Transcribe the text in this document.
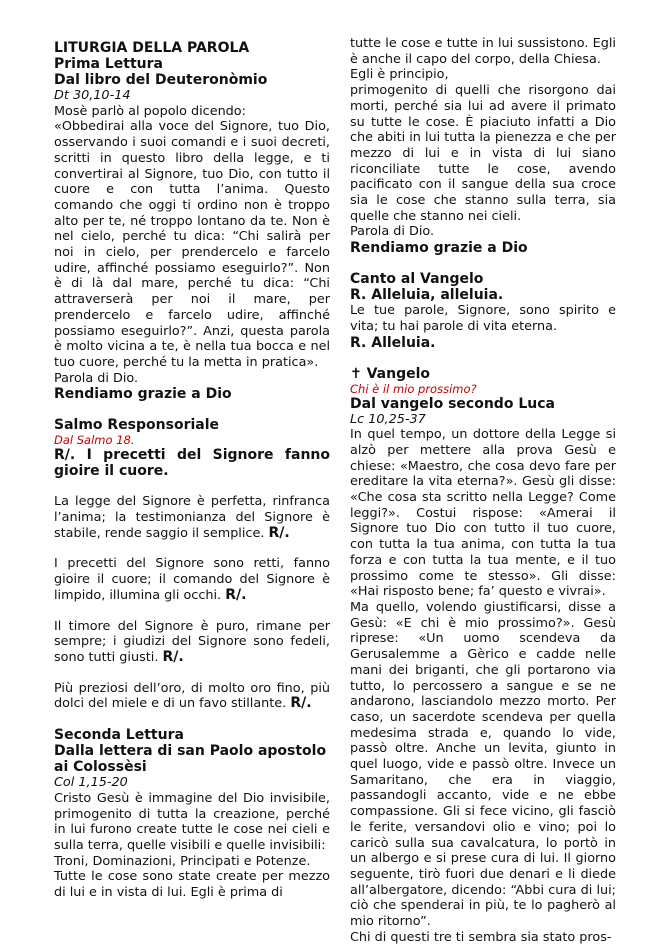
LITURGIA DELLA PAROLA

Prima Lettura

Dal libro del Deuteronòmio

Dt 30,10-14

Mosè parlò al popolo dicendo:

«Obbedirai alla voce del Signore, tuo Dio, osservando i suoi comandi e i suoi decreti, scritti in questo libro della legge, e ti convertirai al Signore, tuo Dio, con tutto il cuore e con tutta l’anima. Questo comando che oggi ti ordino non è troppo alto per te, né troppo lontano da te. Non è nel cielo, perché tu dica: “Chi salirà per noi in cielo, per prendercelo e farcelo udire, affinché possiamo eseguirlo?”. Non è di là dal mare, perché tu dica: “Chi attraverserà per noi il mare, per prendercelo e farcelo udire, affinché possiamo eseguirlo?”. Anzi, questa parola è molto vicina a te, è nella tua bocca e nel tuo cuore, perché tu la metta in pratica».

Parola di Dio.

Rendiamo grazie a Dio

Salmo Responsoriale

Dal Salmo 18.

R/. I precetti del Signore fanno gioire il cuore.

La legge del Signore è perfetta, rinfranca l’anima; la testimonianza del Signore è stabile, rende saggio il semplice. R/.

I precetti del Signore sono retti, fanno gioire il cuore; il comando del Signore è limpido, illumina gli occhi. R/.

Il timore del Signore è puro, rimane per sempre; i giudizi del Signore sono fedeli, sono tutti giusti. R/.

Più preziosi dell’oro, di molto oro fino, più dolci del miele e di un favo stillante. R/.

Seconda Lettura

Dalla lettera di san Paolo apostolo ai Colossèsi

Col 1,15-20

Cristo Gesù è immagine del Dio invisibile, primogenito di tutta la creazione, perché in lui furono create tutte le cose nei cieli e sulla terra, quelle visibili e quelle invisibili:

Troni, Dominazioni, Principati e Potenze.

Tutte le cose sono state create per mezzo di lui e in vista di lui. Egli è prima di

tutte le cose e tutte in lui sussistono. Egli è anche il capo del corpo, della Chiesa.

Egli è principio,

primogenito di quelli che risorgono dai morti, perché sia lui ad avere il primato su tutte le cose. È piaciuto infatti a Dio che abiti in lui tutta la pienezza e che per mezzo di lui e in vista di lui siano riconciliate tutte le cose, avendo pacificato con il sangue della sua croce sia le cose che stanno sulla terra, sia quelle che stanno nei cieli.

Parola di Dio.

Rendiamo grazie a Dio

Canto al Vangelo

R. Alleluia, alleluia.

Le tue parole, Signore, sono spirito e vita; tu hai parole di vita eterna.

R. Alleluia.

✝ Vangelo

Chi è il mio prossimo?

Dal vangelo secondo Luca

Lc 10,25-37

In quel tempo, un dottore della Legge si alzò per mettere alla prova Gesù e chiese: «Maestro, che cosa devo fare per ereditare la vita eterna?». Gesù gli disse: «Che cosa sta scritto nella Legge? Come leggi?». Costui rispose: «Amerai il Signore tuo Dio con tutto il tuo cuore, con tutta la tua anima, con tutta la tua forza e con tutta la tua mente, e il tuo prossimo come te stesso». Gli disse: «Hai risposto bene; fa’ questo e vivrai».

Ma quello, volendo giustificarsi, disse a Gesù: «E chi è mio prossimo?». Gesù riprese: «Un uomo scendeva da Gerusalemme a Gèrico e cadde nelle mani dei briganti, che gli portarono via tutto, lo percossero a sangue e se ne andarono, lasciandolo mezzo morto. Per caso, un sacerdote scendeva per quella medesima strada e, quando lo vide, passò oltre. Anche un levita, giunto in quel luogo, vide e passò oltre. Invece un Samaritano, che era in viaggio, passandogli accanto, vide e ne ebbe compassione. Gli si fece vicino, gli fasciò le ferite, versandovi olio e vino; poi lo caricò sulla sua cavalcatura, lo portò in un albergo e si prese cura di lui. Il giorno seguente, tirò fuori due denari e li diede all’albergatore, dicendo: “Abbi cura di lui; ciò che spenderai in più, te lo pagherò al mio ritorno”.

Chi di questi tre ti sembra sia stato pros-
